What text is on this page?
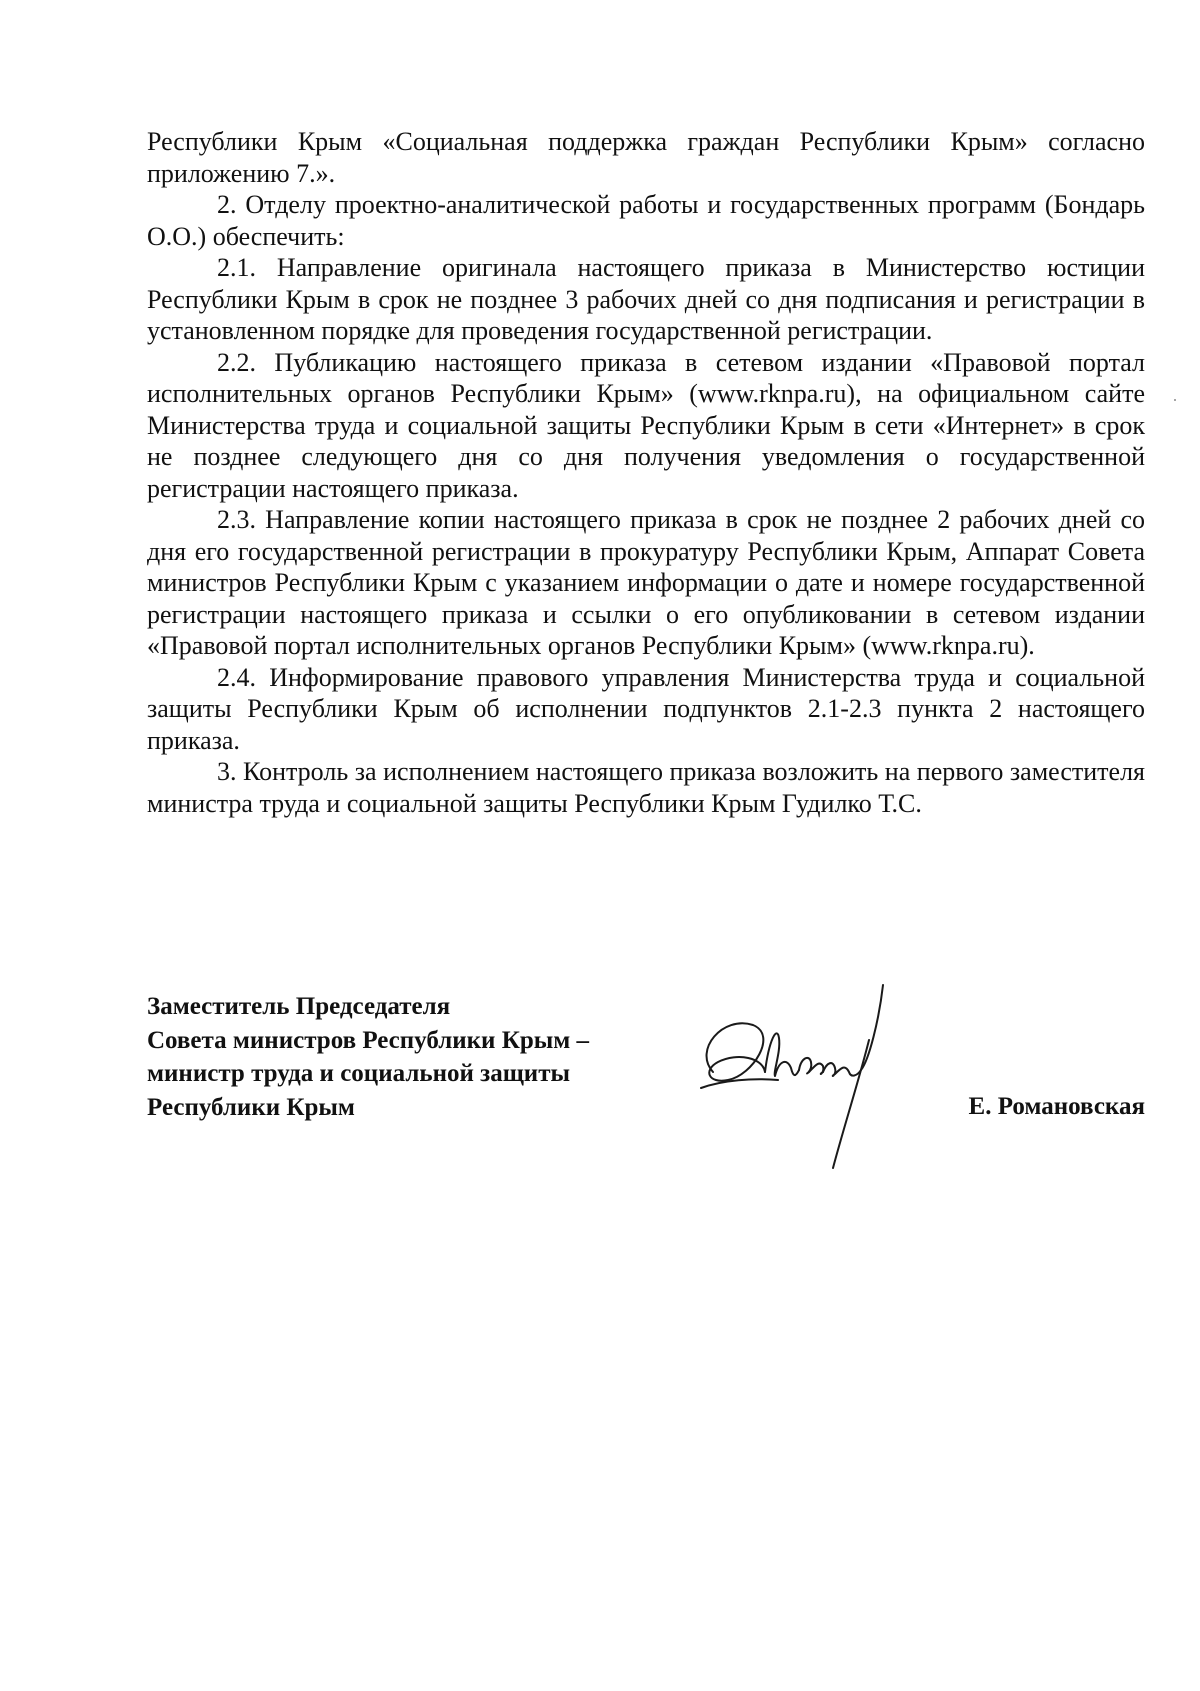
Республики Крым «Социальная поддержка граждан Республики Крым» согласно приложению 7.».

2. Отделу проектно-аналитической работы и государственных программ (Бондарь О.О.) обеспечить:

2.1. Направление оригинала настоящего приказа в Министерство юстиции Республики Крым в срок не позднее 3 рабочих дней со дня подписания и регистрации в установленном порядке для проведения государственной регистрации.

2.2. Публикацию настоящего приказа в сетевом издании «Правовой портал исполнительных органов Республики Крым» (www.rknpa.ru), на официальном сайте Министерства труда и социальной защиты Республики Крым в сети «Интернет» в срок не позднее следующего дня со дня получения уведомления о государственной регистрации настоящего приказа.

2.3. Направление копии настоящего приказа в срок не позднее 2 рабочих дней со дня его государственной регистрации в прокуратуру Республики Крым, Аппарат Совета министров Республики Крым с указанием информации о дате и номере государственной регистрации настоящего приказа и ссылки о его опубликовании в сетевом издании «Правовой портал исполнительных органов Республики Крым» (www.rknpa.ru).

2.4. Информирование правового управления Министерства труда и социальной защиты Республики Крым об исполнении подпунктов 2.1-2.3 пункта 2 настоящего приказа.

3. Контроль за исполнением настоящего приказа возложить на первого заместителя министра труда и социальной защиты Республики Крым Гудилко Т.С.

Заместитель Председателя
Совета министров Республики Крым –
министр труда и социальной защиты
Республики Крым	Е. Романовская
